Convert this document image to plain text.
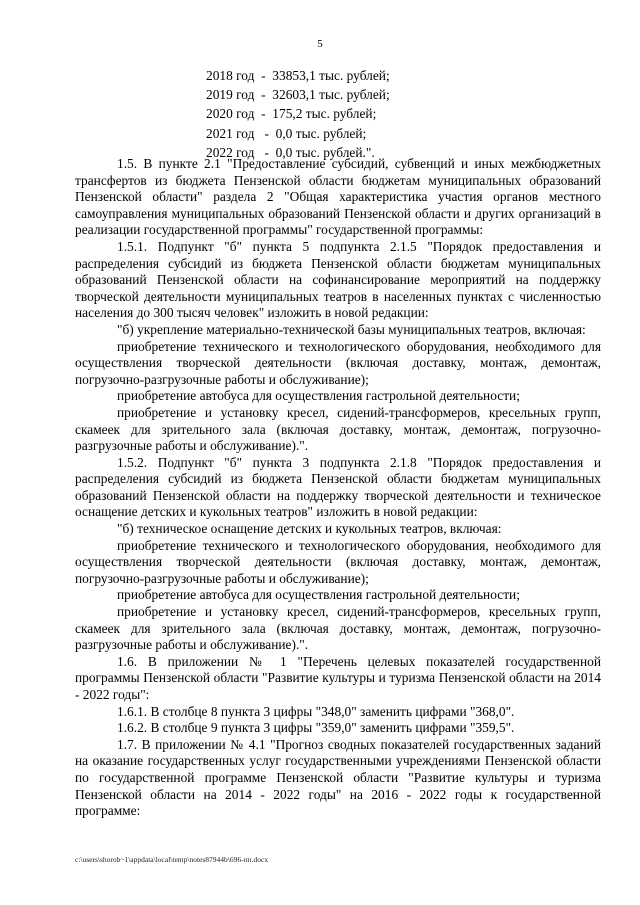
5
2018 год - 33853,1 тыс. рублей;
2019 год - 32603,1 тыс. рублей;
2020 год - 175,2 тыс. рублей;
2021 год - 0,0 тыс. рублей;
2022 год - 0,0 тыс. рублей.".

1.5. В пункте 2.1 "Предоставление субсидий, субвенций и иных межбюджетных трансфертов из бюджета Пензенской области бюджетам муниципальных образований Пензенской области" раздела 2 "Общая характеристика участия органов местного самоуправления муниципальных образований Пензенской области и других организаций в реализации государственной программы" государственной программы:

1.5.1. Подпункт "б" пункта 5 подпункта 2.1.5 "Порядок предоставления и распределения субсидий из бюджета Пензенской области бюджетам муниципальных образований Пензенской области на софинансирование мероприятий на поддержку творческой деятельности муниципальных театров в населенных пунктах с численностью населения до 300 тысяч человек" изложить в новой редакции:

"б) укрепление материально-технической базы муниципальных театров, включая:

приобретение технического и технологического оборудования, необходимого для осуществления творческой деятельности (включая доставку, монтаж, демонтаж, погрузочно-разгрузочные работы и обслуживание);

приобретение автобуса для осуществления гастрольной деятельности;

приобретение и установку кресел, сидений-трансформеров, кресельных групп, скамеек для зрительного зала (включая доставку, монтаж, демонтаж, погрузочно-разгрузочные работы и обслуживание).".

1.5.2. Подпункт "б" пункта 3 подпункта 2.1.8 "Порядок предоставления и распределения субсидий из бюджета Пензенской области бюджетам муниципальных образований Пензенской области на поддержку творческой деятельности и техническое оснащение детских и кукольных театров" изложить в новой редакции:

"б) техническое оснащение детских и кукольных театров, включая:

приобретение технического и технологического оборудования, необходимого для осуществления творческой деятельности (включая доставку, монтаж, демонтаж, погрузочно-разгрузочные работы и обслуживание);

приобретение автобуса для осуществления гастрольной деятельности;

приобретение и установку кресел, сидений-трансформеров, кресельных групп, скамеек для зрительного зала (включая доставку, монтаж, демонтаж, погрузочно-разгрузочные работы и обслуживание).".

1.6. В приложении № 1 "Перечень целевых показателей государственной программы Пензенской области "Развитие культуры и туризма Пензенской области на 2014 - 2022 годы":

1.6.1. В столбце 8 пункта 3 цифры "348,0" заменить цифрами "368,0".

1.6.2. В столбце 9 пункта 3 цифры "359,0" заменить цифрами "359,5".

1.7. В приложении № 4.1 "Прогноз сводных показателей государственных заданий на оказание государственных услуг государственными учреждениями Пензенской области по государственной программе Пензенской области "Развитие культуры и туризма Пензенской области на 2014 - 2022 годы" на 2016 - 2022 годы к государственной программе:

c:\users\shorob~1\appdata\local\temp\notes87944b\696-пп.docx
